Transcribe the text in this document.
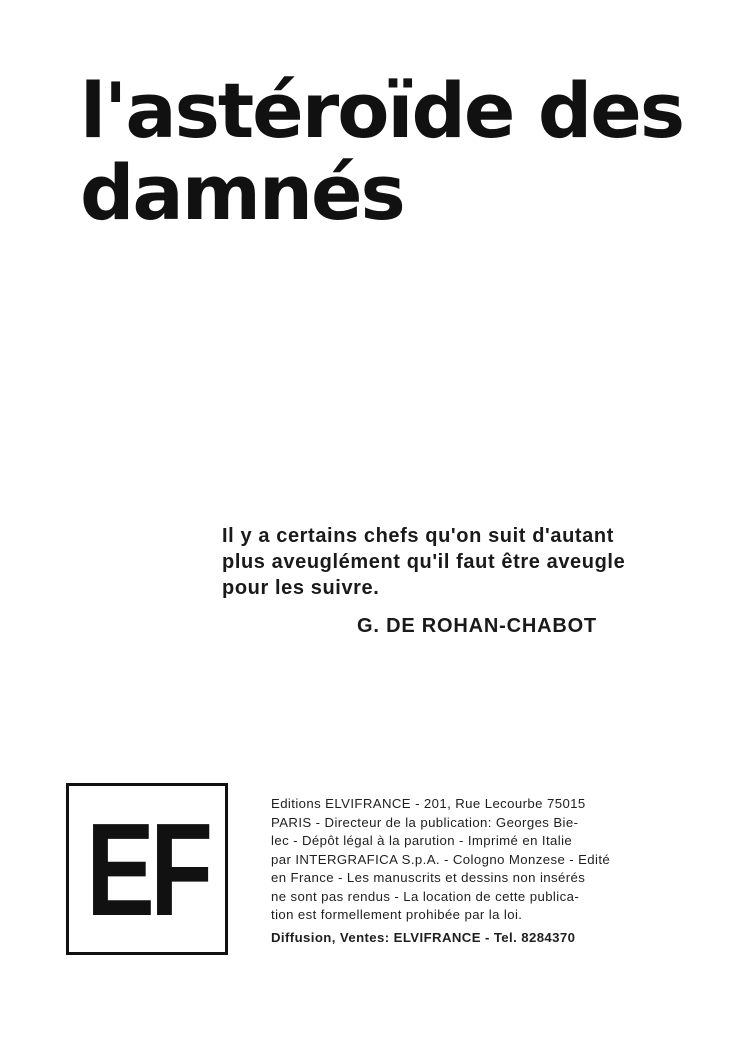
l'astéroïde des
damnés
Il y a certains chefs qu'on suit d'autant
plus aveuglément qu'il faut être aveugle
pour les suivre.
G. DE ROHAN-CHABOT
EF	Editions ELVIFRANCE - 201, Rue Lecourbe 75015
PARIS - Directeur de la publication: Georges Bie-
lec - Dépôt légal à la parution - Imprimé en Italie
par INTERGRAFICA S.p.A. - Cologno Monzese - Edité
en France - Les manuscrits et dessins non insérés
ne sont pas rendus - La location de cette publica-
tion est formellement prohibée par la loi.
Diffusion, Ventes: ELVIFRANCE - Tel. 8284370
